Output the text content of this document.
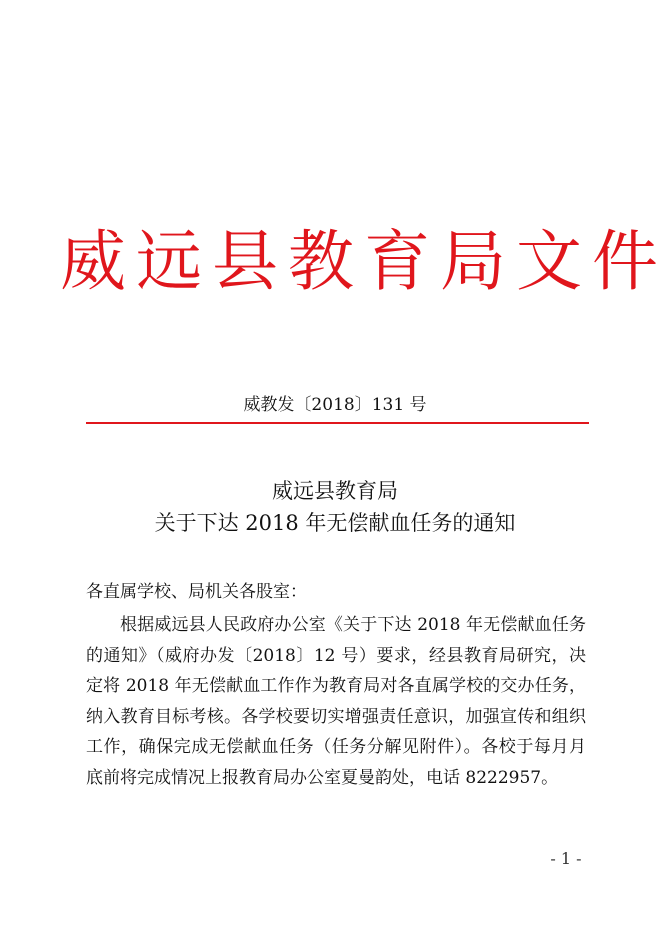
威远县教育局文件
威教发〔2018〕131 号
威远县教育局
关于下达 2018 年无偿献血任务的通知
各直属学校、局机关各股室：

根据威远县人民政府办公室《关于下达 2018 年无偿献血任务的通知》（威府办发〔2018〕12 号）要求，经县教育局研究，决定将 2018 年无偿献血工作作为教育局对各直属学校的交办任务，纳入教育目标考核。各学校要切实增强责任意识，加强宣传和组织工作，确保完成无偿献血任务（任务分解见附件）。各校于每月月底前将完成情况上报教育局办公室夏曼韵处，电话 8222957。

- 1 -
